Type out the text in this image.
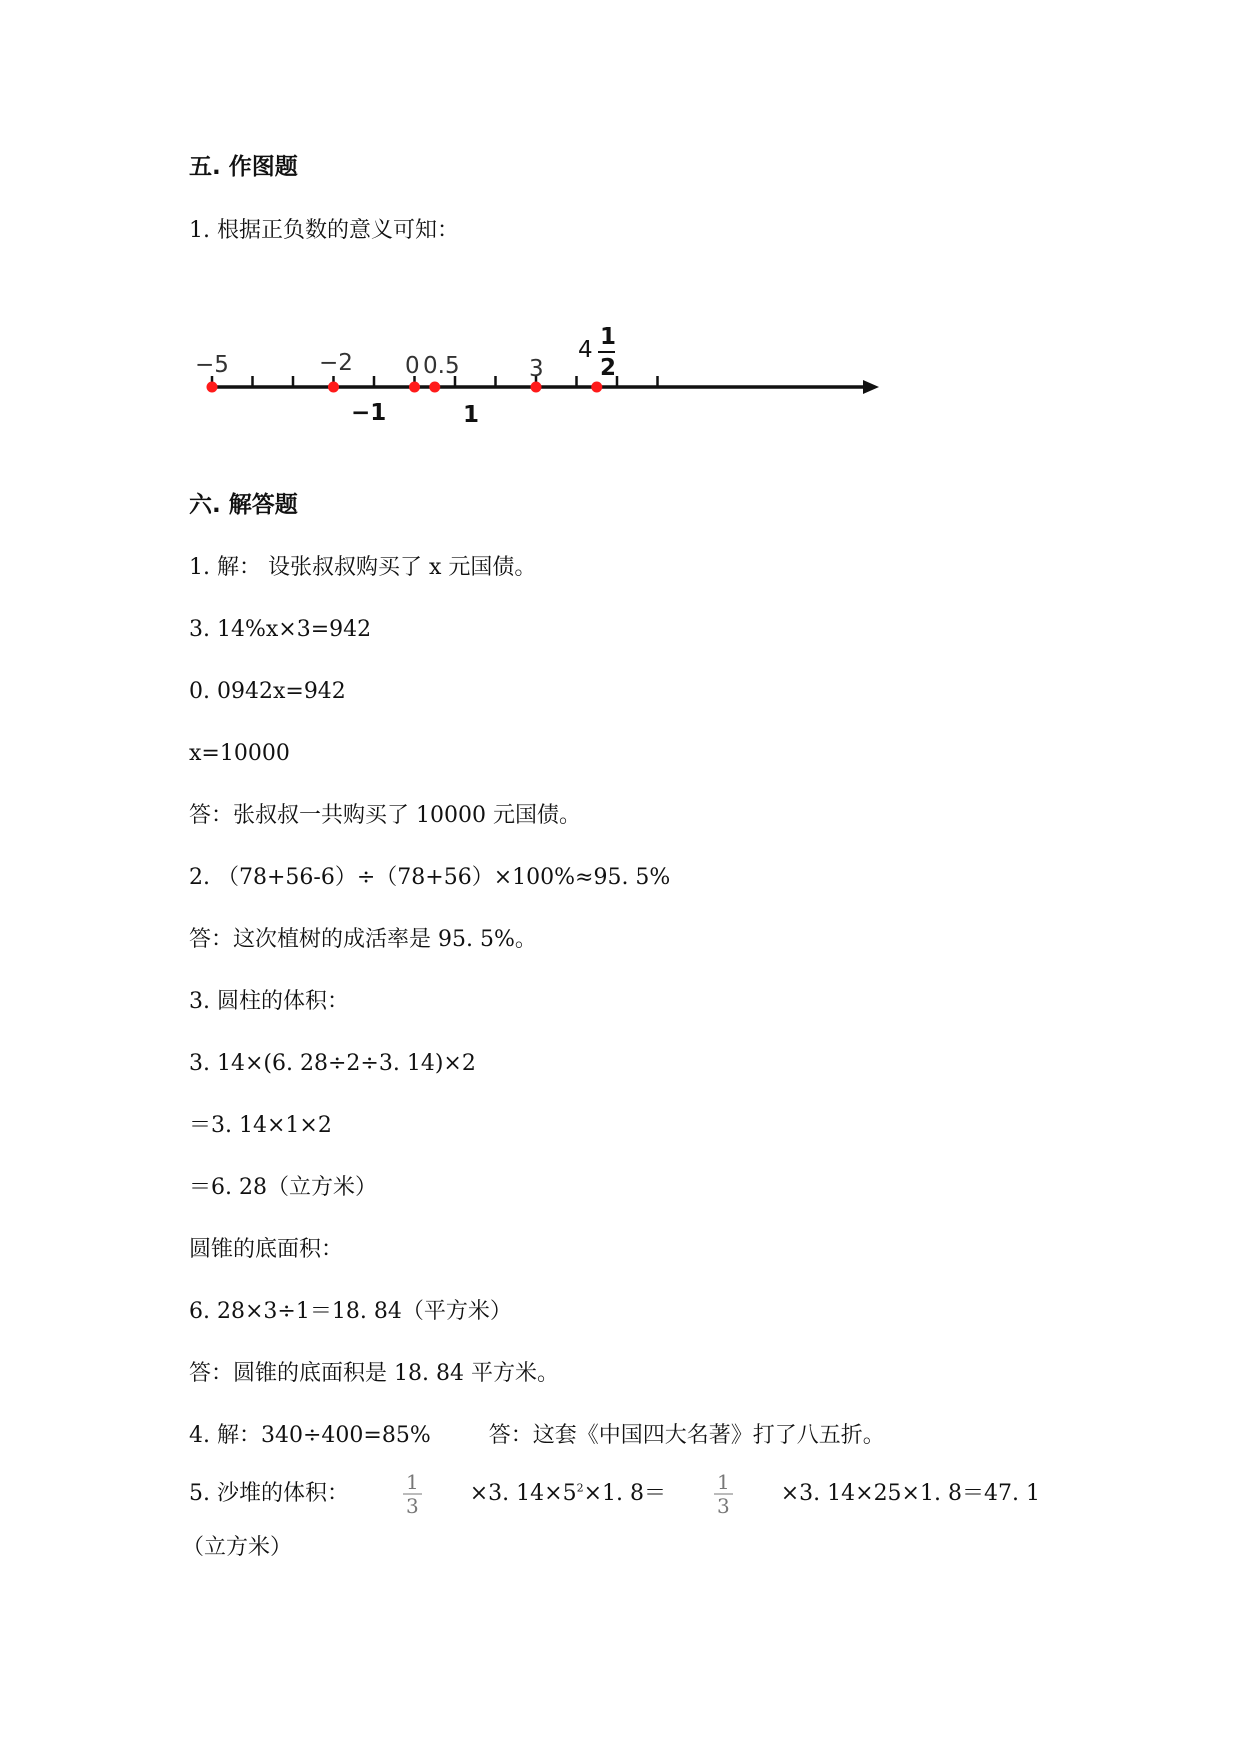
五. 作图题
1. 根据正负数的意义可知：
−5	−2 0 0.5	3
4 1
2
−1	1
六. 解答题
1. 解： 设张叔叔购买了 x 元国债。
3. 14%x×3=942
0. 0942x=942
x=10000
答：张叔叔一共购买了 10000 元国债。
2. （78+56-6）÷（78+56）×100%≈95. 5%
答：这次植树的成活率是 95. 5%。
3. 圆柱的体积：
3. 14×(6. 28÷2÷3. 14)×2
＝3. 14×1×2
＝6. 28（立方米）
圆锥的底面积：
6. 28×3÷1＝18. 84（平方米）
答：圆锥的底面积是 18. 84 平方米。
4. 解：340÷400=85%	答：这套《中国四大名著》打了八五折。
5. 沙堆的体积：	$\frac{1}{3} \times 3$. $14\times 5^2\times 1$. $8= \frac{1}{3} \times 3$. 14×25×1. 8＝47. 1
（立方米）
